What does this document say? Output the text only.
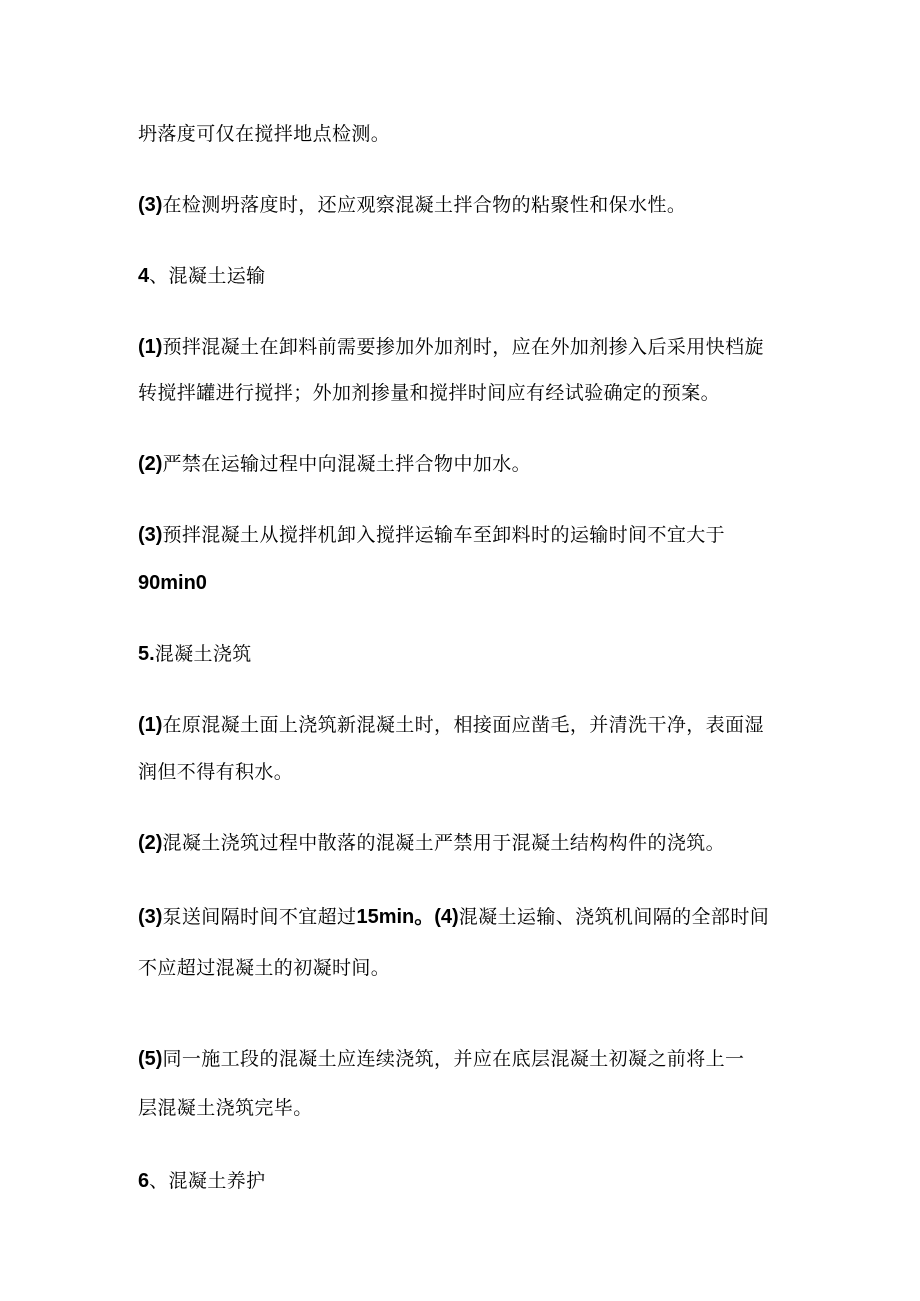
坍落度可仅在搅拌地点检测。
(3)在检测坍落度时，还应观察混凝土拌合物的粘聚性和保水性。
4、混凝土运输
(1)预拌混凝土在卸料前需要掺加外加剂时，应在外加剂掺入后采用快档旋
转搅拌罐进行搅拌；外加剂掺量和搅拌时间应有经试验确定的预案。
(2)严禁在运输过程中向混凝土拌合物中加水。
(3)预拌混凝土从搅拌机卸入搅拌运输车至卸料时的运输时间不宜大于
90min0
5.混凝土浇筑
(1)在原混凝土面上浇筑新混凝土时，相接面应凿毛，并清洗干净，表面湿
润但不得有积水。
(2)混凝土浇筑过程中散落的混凝土严禁用于混凝土结构构件的浇筑。
(3)泵送间隔时间不宜超过15min。(4)混凝土运输、浇筑机间隔的全部时间
不应超过混凝土的初凝时间。
(5)同一施工段的混凝土应连续浇筑，并应在底层混凝土初凝之前将上一
层混凝土浇筑完毕。
6、混凝土养护
